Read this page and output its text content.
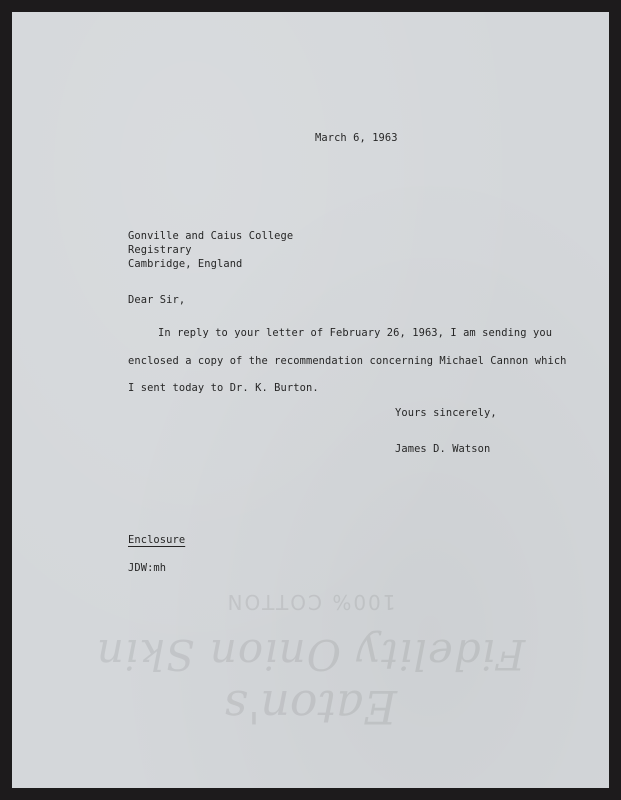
100% COTTON
Fidelity Onion Skin
Eaton's
March 6, 1963
Gonville and Caius College
Registrary
Cambridge, England
Dear Sir,
In reply to your letter of February 26, 1963, I am sending you
enclosed a copy of the recommendation concerning Michael Cannon which
I sent today to Dr. K. Burton.
Yours sincerely,
James D. Watson
Enclosure
JDW:mh
